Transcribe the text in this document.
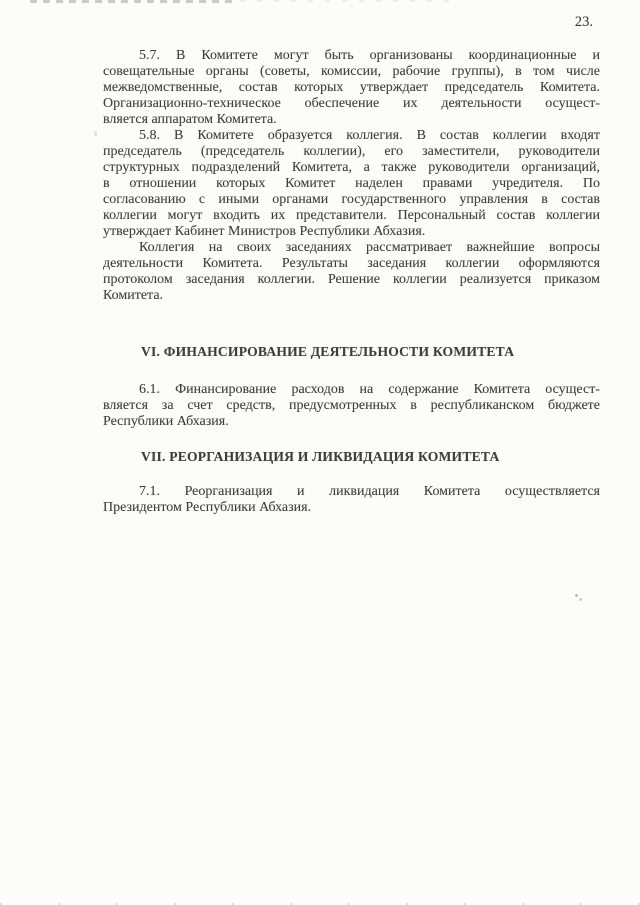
23.
5.7. В Комитете могут быть организованы координационные и
совещательные органы (советы, комиссии, рабочие группы), в том числе
межведомственные, состав которых утверждает председатель Комитета.
Организационно-техническое обеспечение их деятельности осущест-
вляется аппаратом Комитета.
5.8. В Комитете образуется коллегия. В состав коллегии входят
председатель (председатель коллегии), его заместители, руководители
структурных подразделений Комитета, а также руководители организаций,
в отношении которых Комитет наделен правами учредителя. По
согласованию с иными органами государственного управления в состав
коллегии могут входить их представители. Персональный состав коллегии
утверждает Кабинет Министров Республики Абхазия.
Коллегия на своих заседаниях рассматривает важнейшие вопросы
деятельности Комитета. Результаты заседания коллегии оформляются
протоколом заседания коллегии. Решение коллегии реализуется приказом
Комитета.
VI. ФИНАНСИРОВАНИЕ ДЕЯТЕЛЬНОСТИ КОМИТЕТА
6.1. Финансирование расходов на содержание Комитета осущест-
вляется за счет средств, предусмотренных в республиканском бюджете
Республики Абхазия.
VII. РЕОРГАНИЗАЦИЯ И ЛИКВИДАЦИЯ КОМИТЕТА
7.1. Реорганизация и ликвидация Комитета осуществляется
Президентом Республики Абхазия.
